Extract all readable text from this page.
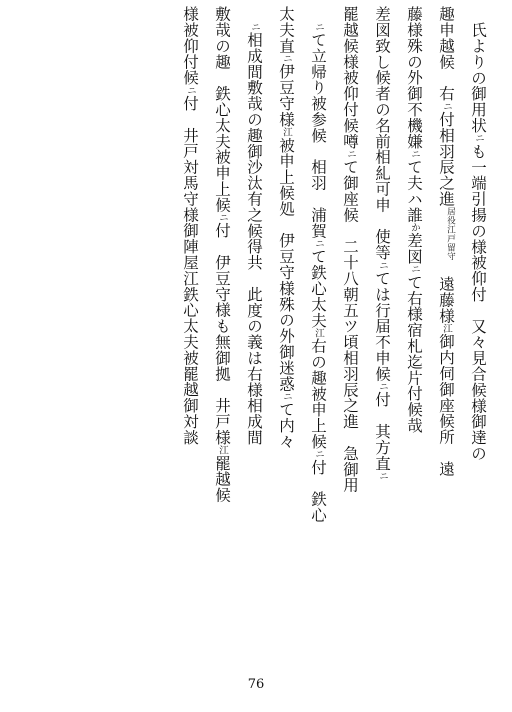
氏よりの御用状ニも一端引揚の様被仰付　又々見合候様御達の
趣申越候　右ニ付相羽辰之進
江戸留守
居役
　遠藤様江御内伺御座候所　遠
藤様殊の外御不機嫌ニて夫ハ誰か差図ニて右様宿札迄片付候哉
差図致し候者の名前相糺可申　使等ニては行届不申候ニ付　其方直ニ
罷越候様被仰付候噂ニて御座候　二十八朝五ツ頃相羽辰之進　急御用
ニて立帰り被参候　相羽　浦賀ニて鉄心太夫江右の趣被申上候ニ付　鉄心
太夫直ニ伊豆守様江被申上候処　伊豆守様殊の外御迷惑ニて内々
ニ相成間敷哉の趣御沙汰有之候得共　此度の義は右様相成間
敷哉の趣　鉄心太夫被申上候ニ付　伊豆守様も無御拠　井戸様江罷越候
様被仰付候ニ付　井戸対馬守様御陣屋江鉄心太夫被罷越御対談
76
